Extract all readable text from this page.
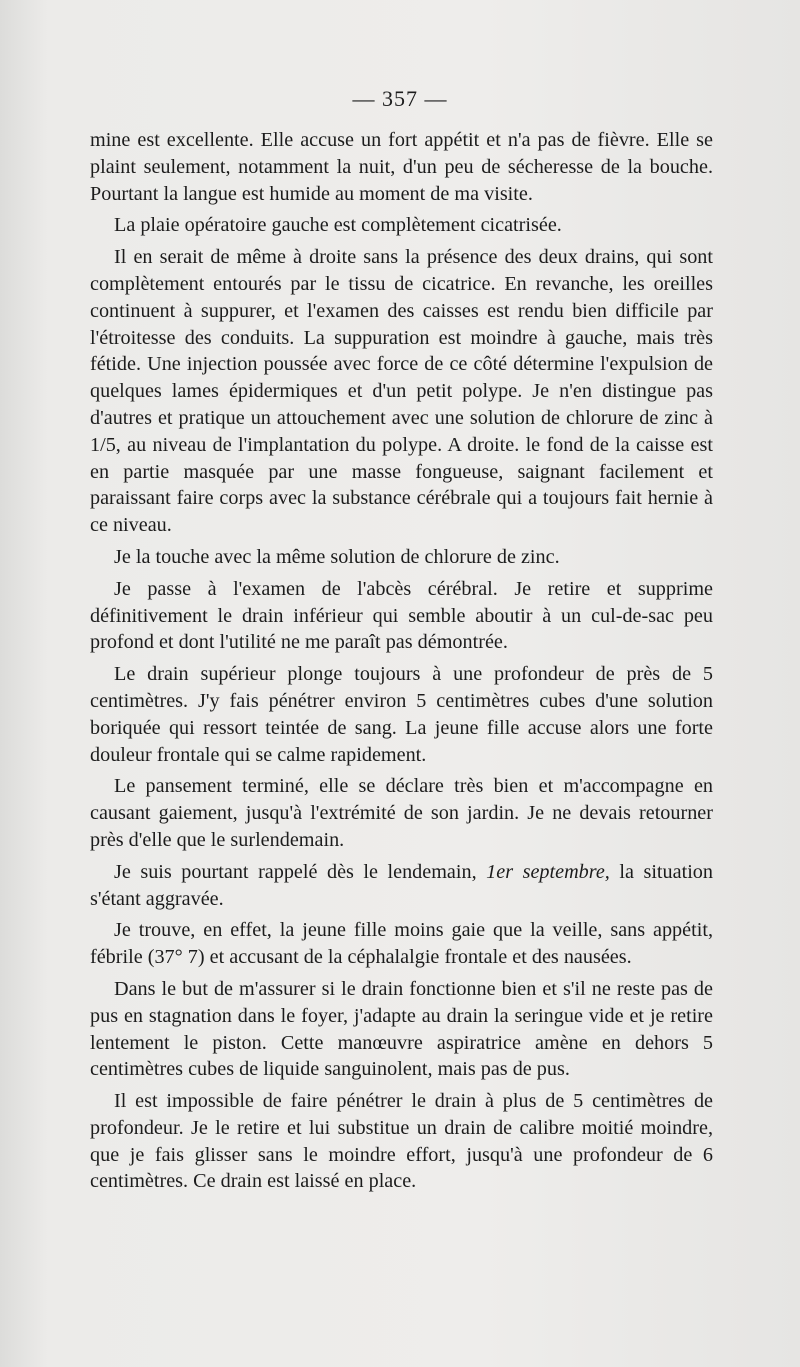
— 357 —

mine est excellente. Elle accuse un fort appétit et n'a pas de fièvre. Elle se plaint seulement, notamment la nuit, d'un peu de sécheresse de la bouche. Pourtant la langue est humide au moment de ma visite.

La plaie opératoire gauche est complètement cicatrisée.

Il en serait de même à droite sans la présence des deux drains, qui sont complètement entourés par le tissu de cicatrice. En revanche, les oreilles continuent à suppurer, et l'examen des caisses est rendu bien difficile par l'étroitesse des conduits. La suppuration est moindre à gauche, mais très fétide. Une injection poussée avec force de ce côté détermine l'expulsion de quelques lames épidermiques et d'un petit polype. Je n'en distingue pas d'autres et pratique un attouchement avec une solution de chlorure de zinc à 1/5, au niveau de l'implantation du polype. A droite. le fond de la caisse est en partie masquée par une masse fongueuse, saignant facilement et paraissant faire corps avec la substance cérébrale qui a toujours fait hernie à ce niveau.

Je la touche avec la même solution de chlorure de zinc.

Je passe à l'examen de l'abcès cérébral. Je retire et supprime définitivement le drain inférieur qui semble aboutir à un cul-de-sac peu profond et dont l'utilité ne me paraît pas démontrée.

Le drain supérieur plonge toujours à une profondeur de près de 5 centimètres. J'y fais pénétrer environ 5 centimètres cubes d'une solution boriquée qui ressort teintée de sang. La jeune fille accuse alors une forte douleur frontale qui se calme rapidement.

Le pansement terminé, elle se déclare très bien et m'accompagne en causant gaiement, jusqu'à l'extrémité de son jardin. Je ne devais retourner près d'elle que le surlendemain.

Je suis pourtant rappelé dès le lendemain, 1er septembre, la situation s'étant aggravée.

Je trouve, en effet, la jeune fille moins gaie que la veille, sans appétit, fébrile (37° 7) et accusant de la céphalalgie frontale et des nausées.

Dans le but de m'assurer si le drain fonctionne bien et s'il ne reste pas de pus en stagnation dans le foyer, j'adapte au drain la seringue vide et je retire lentement le piston. Cette manœuvre aspiratrice amène en dehors 5 centimètres cubes de liquide sanguinolent, mais pas de pus.

Il est impossible de faire pénétrer le drain à plus de 5 centimètres de profondeur. Je le retire et lui substitue un drain de calibre moitié moindre, que je fais glisser sans le moindre effort, jusqu'à une profondeur de 6 centimètres. Ce drain est laissé en place.
